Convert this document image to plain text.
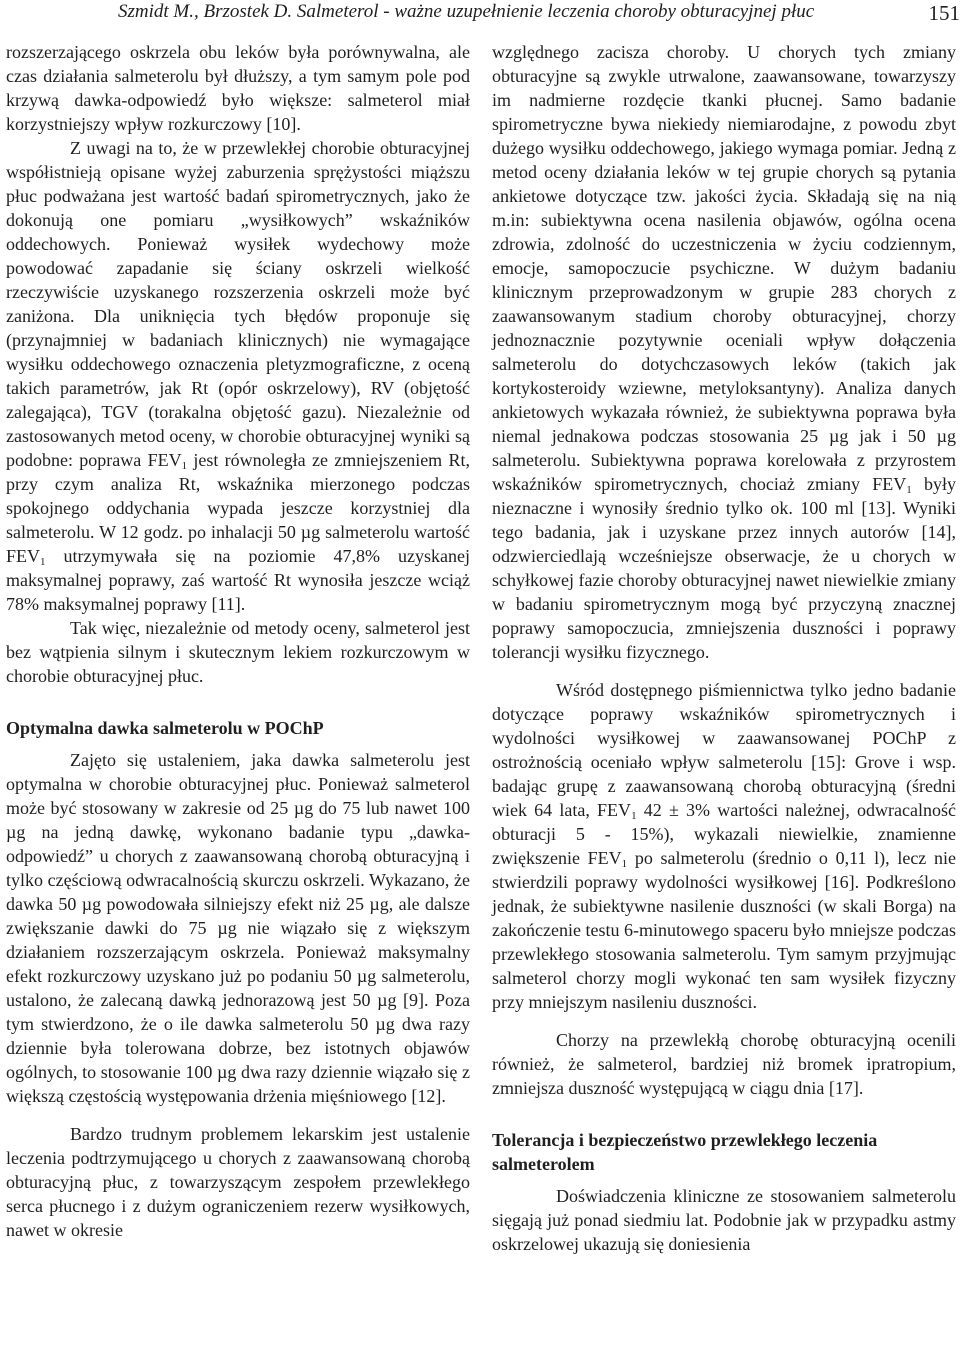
Szmidt M., Brzostek D. Salmeterol - ważne uzupełnienie leczenia choroby obturacyjnej płuc	151

rozszerzającego oskrzela obu leków była porównywalna, ale czas działania salmeterolu był dłuższy, a tym samym pole pod krzywą dawka-odpowiedź było większe: salmeterol miał korzystniejszy wpływ rozkurczowy [10].

Z uwagi na to, że w przewlekłej chorobie obturacyjnej współistnieją opisane wyżej zaburzenia sprężystości miąższu płuc podważana jest wartość badań spirometrycznych, jako że dokonują one pomiaru „wysiłkowych” wskaźników oddechowych. Ponieważ wysiłek wydechowy może powodować zapadanie się ściany oskrzeli wielkość rzeczywiście uzyskanego rozszerzenia oskrzeli może być zaniżona. Dla uniknięcia tych błędów proponuje się (przynajmniej w badaniach klinicznych) nie wymagające wysiłku oddechowego oznaczenia pletyzmograficzne, z oceną takich parametrów, jak Rt (opór oskrzelowy), RV (objętość zalegająca), TGV (torakalna objętość gazu). Niezależnie od zastosowanych metod oceny, w chorobie obturacyjnej wyniki są podobne: poprawa $FEV_1$ jest równoległa ze zmniejszeniem Rt, przy czym analiza Rt, wskaźnika mierzonego podczas spokojnego oddychania wypada jeszcze korzystniej dla salmeterolu. W 12 godz. po inhalacji 50 µg salmeterolu wartość $FEV_1$ utrzymywała się na poziomie 47,8% uzyskanej maksymalnej poprawy, zaś wartość Rt wynosiła jeszcze wciąż 78% maksymalnej poprawy [11].

Tak więc, niezależnie od metody oceny, salmeterol jest bez wątpienia silnym i skutecznym lekiem rozkurczowym w chorobie obturacyjnej płuc.

Optymalna dawka salmeterolu w POChP

Zajęto się ustaleniem, jaka dawka salmeterolu jest optymalna w chorobie obturacyjnej płuc. Ponieważ salmeterol może być stosowany w zakresie od 25 µg do 75 lub nawet 100 µg na jedną dawkę, wykonano badanie typu „dawka-odpowiedź” u chorych z zaawansowaną chorobą obturacyjną i tylko częściową odwracalnością skurczu oskrzeli. Wykazano, że dawka 50 µg powodowała silniejszy efekt niż 25 µg, ale dalsze zwiększanie dawki do 75 µg nie wiązało się z większym działaniem rozszerzającym oskrzela. Ponieważ maksymalny efekt rozkurczowy uzyskano już po podaniu 50 µg salmeterolu, ustalono, że zalecaną dawką jednorazową jest 50 µg [9]. Poza tym stwierdzono, że o ile dawka salmeterolu 50 µg dwa razy dziennie była tolerowana dobrze, bez istotnych objawów ogólnych, to stosowanie 100 µg dwa razy dziennie wiązało się z większą częstością występowania drżenia mięśniowego [12].

Bardzo trudnym problemem lekarskim jest ustalenie leczenia podtrzymującego u chorych z zaawansowaną chorobą obturacyjną płuc, z towarzyszącym zespołem przewlekłego serca płucnego i z dużym ograniczeniem rezerw wysiłkowych, nawet w okresie

względnego zacisza choroby. U chorych tych zmiany obturacyjne są zwykle utrwalone, zaawansowane, towarzyszy im nadmierne rozdęcie tkanki płucnej. Samo badanie spirometryczne bywa niekiedy niemiarodajne, z powodu zbyt dużego wysiłku oddechowego, jakiego wymaga pomiar. Jedną z metod oceny działania leków w tej grupie chorych są pytania ankietowe dotyczące tzw. jakości życia. Składają się na nią m.in: subiektywna ocena nasilenia objawów, ogólna ocena zdrowia, zdolność do uczestniczenia w życiu codziennym, emocje, samopoczucie psychiczne. W dużym badaniu klinicznym przeprowadzonym w grupie 283 chorych z zaawansowanym stadium choroby obturacyjnej, chorzy jednoznacznie pozytywnie oceniali wpływ dołączenia salmeterolu do dotychczasowych leków (takich jak kortykosteroidy wziewne, metyloksantyny). Analiza danych ankietowych wykazała również, że subiektywna poprawa była niemal jednakowa podczas stosowania 25 µg jak i 50 µg salmeterolu. Subiektywna poprawa korelowała z przyrostem wskaźników spirometrycznych, chociaż zmiany $FEV_1$ były nieznaczne i wynosiły średnio tylko ok. 100 ml [13]. Wyniki tego badania, jak i uzyskane przez innych autorów [14], odzwierciedlają wcześniejsze obserwacje, że u chorych w schyłkowej fazie choroby obturacyjnej nawet niewielkie zmiany w badaniu spirometrycznym mogą być przyczyną znacznej poprawy samopoczucia, zmniejszenia duszności i poprawy tolerancji wysiłku fizycznego.

Wśród dostępnego piśmiennictwa tylko jedno badanie dotyczące poprawy wskaźników spirometrycznych i wydolności wysiłkowej w zaawansowanej POChP z ostrożnością oceniało wpływ salmeterolu [15]: Grove i wsp. badając grupę z zaawansowaną chorobą obturacyjną (średni wiek 64 lata, $FEV_1$ 42 ± 3% wartości należnej, odwracalność obturacji 5 - 15%), wykazali niewielkie, znamienne zwiększenie $FEV_1$ po salmeterolu (średnio o 0,11 l), lecz nie stwierdzili poprawy wydolności wysiłkowej [16]. Podkreślono jednak, że subiektywne nasilenie duszności (w skali Borga) na zakończenie testu 6-minutowego spaceru było mniejsze podczas przewlekłego stosowania salmeterolu. Tym samym przyjmując salmeterol chorzy mogli wykonać ten sam wysiłek fizyczny przy mniejszym nasileniu duszności.

Chorzy na przewlekłą chorobę obturacyjną ocenili również, że salmeterol, bardziej niż bromek ipratropium, zmniejsza duszność występującą w ciągu dnia [17].

Tolerancja i bezpieczeństwo przewlekłego leczenia salmeterolem

Doświadczenia kliniczne ze stosowaniem salmeterolu sięgają już ponad siedmiu lat. Podobnie jak w przypadku astmy oskrzelowej ukazują się doniesienia
